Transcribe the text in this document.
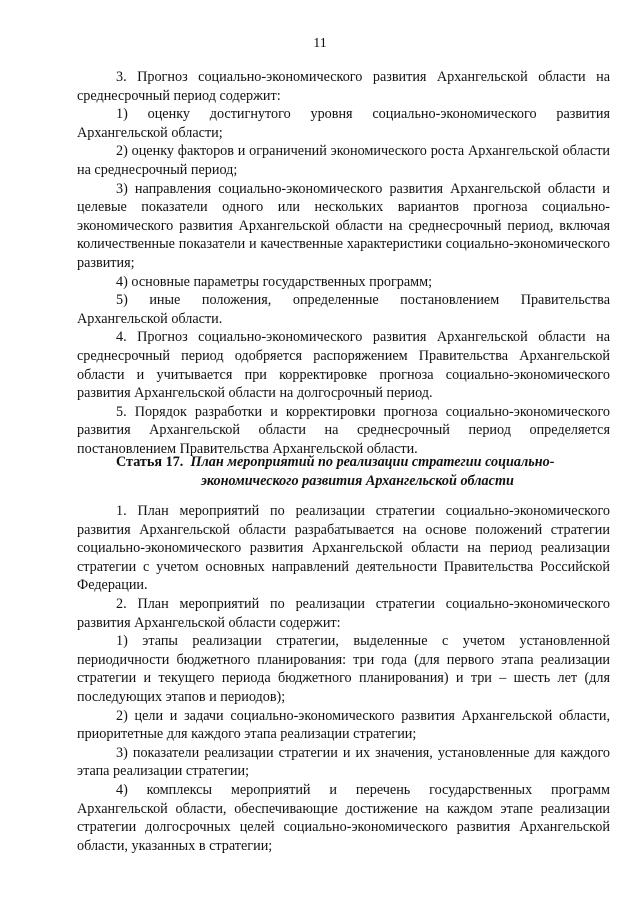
11

3. Прогноз социально-экономического развития Архангельской области на среднесрочный период содержит:

1) оценку достигнутого уровня социально-экономического развития Архангельской области;

2) оценку факторов и ограничений экономического роста Архангельской области на среднесрочный период;

3) направления социально-экономического развития Архангельской области и целевые показатели одного или нескольких вариантов прогноза социально-экономического развития Архангельской области на среднесрочный период, включая количественные показатели и качественные характеристики социально-экономического развития;

4) основные параметры государственных программ;

5) иные положения, определенные постановлением Правительства Архангельской области.

4. Прогноз социально-экономического развития Архангельской области на среднесрочный период одобряется распоряжением Правительства Архангельской области и учитывается при корректировке прогноза социально-экономического развития Архангельской области на долгосрочный период.

5. Порядок разработки и корректировки прогноза социально-экономического развития Архангельской области на среднесрочный период определяется постановлением Правительства Архангельской области.

Статья 17. План мероприятий по реализации стратегии социально-
экономического развития Архангельской области

1. План мероприятий по реализации стратегии социально-экономического развития Архангельской области разрабатывается на основе положений стратегии социально-экономического развития Архангельской области на период реализации стратегии с учетом основных направлений деятельности Правительства Российской Федерации.

2. План мероприятий по реализации стратегии социально-экономического развития Архангельской области содержит:

1) этапы реализации стратегии, выделенные с учетом установленной периодичности бюджетного планирования: три года (для первого этапа реализации стратегии и текущего периода бюджетного планирования) и три – шесть лет (для последующих этапов и периодов);

2) цели и задачи социально-экономического развития Архангельской области, приоритетные для каждого этапа реализации стратегии;

3) показатели реализации стратегии и их значения, установленные для каждого этапа реализации стратегии;

4) комплексы мероприятий и перечень государственных программ Архангельской области, обеспечивающие достижение на каждом этапе реализации стратегии долгосрочных целей социально-экономического развития Архангельской области, указанных в стратегии;
